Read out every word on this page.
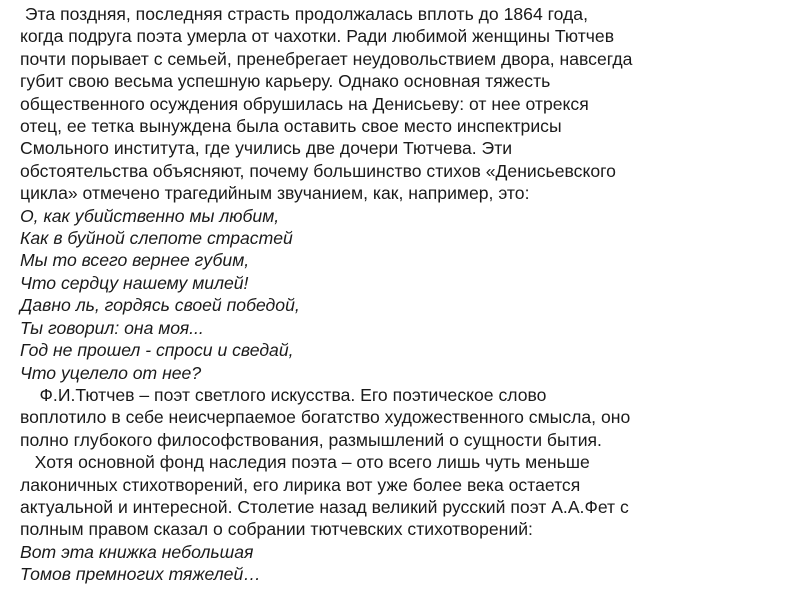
Эта поздняя, последняя страсть продолжалась вплоть до 1864 года,
когда подруга поэта умерла от чахотки. Ради любимой женщины Тютчев
почти порывает с семьей, пренебрегает неудовольствием двора, навсегда
губит свою весьма успешную карьеру. Однако основная тяжесть
общественного осуждения обрушилась на Денисьеву: от нее отрекся
отец, ее тетка вынуждена была оставить свое место инспектрисы
Смольного института, где учились две дочери Тютчева. Эти
обстоятельства объясняют, почему большинство стихов «Денисьевского
цикла» отмечено трагедийным звучанием, как, например, это:
О, как убийственно мы любим,
Как в буйной слепоте страстей
Мы то всего вернее губим,
Что сердцу нашему милей!
Давно ль, гордясь своей победой,
Ты говорил: она моя...
Год не прошел - спроси и сведай,
Что уцелело от нее?
Ф.И.Тютчев – поэт светлого искусства. Его поэтическое слово
воплотило в себе неисчерпаемое богатство художественного смысла, оно
полно глубокого философствования, размышлений о сущности бытия.
Хотя основной фонд наследия поэта – ото всего лишь чуть меньше
лаконичных стихотворений, его лирика вот уже более века остается
актуальной и интересной. Столетие назад великий русский поэт А.А.Фет с
полным правом сказал о собрании тютчевских стихотворений:
Вот эта книжка небольшая
Томов премногих тяжелей…
